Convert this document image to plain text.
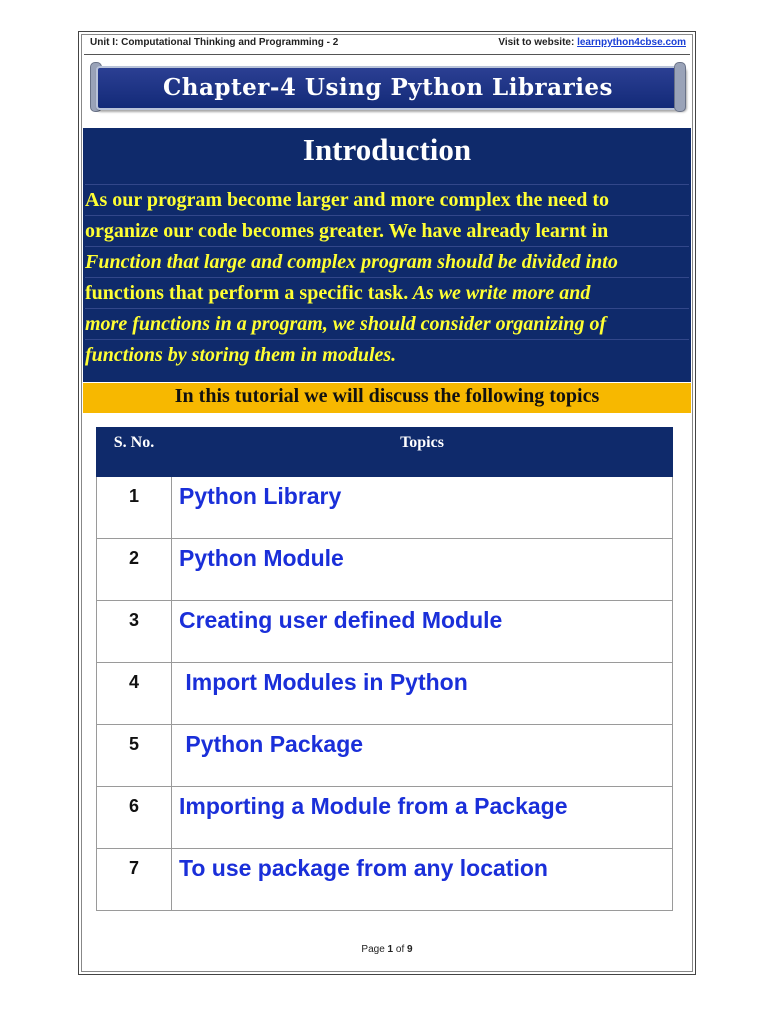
Unit I: Computational Thinking and Programming - 2	Visit to website: learnpython4cbse.com
Chapter-4 Using Python Libraries
Introduction
As our program become larger and more complex the need to
organize our code becomes greater. We have already learnt in
Function that large and complex program should be divided into
functions that perform a specific task. As we write more and
more functions in a program, we should consider organizing of
functions by storing them in modules.
In this tutorial we will discuss the following topics
S. No.	Topics
1	Python Library
2	Python Module
3	Creating user defined Module
4	Import Modules in Python
5	Python Package
6	Importing a Module from a Package
7	To use package from any location
Page 1 of 9
